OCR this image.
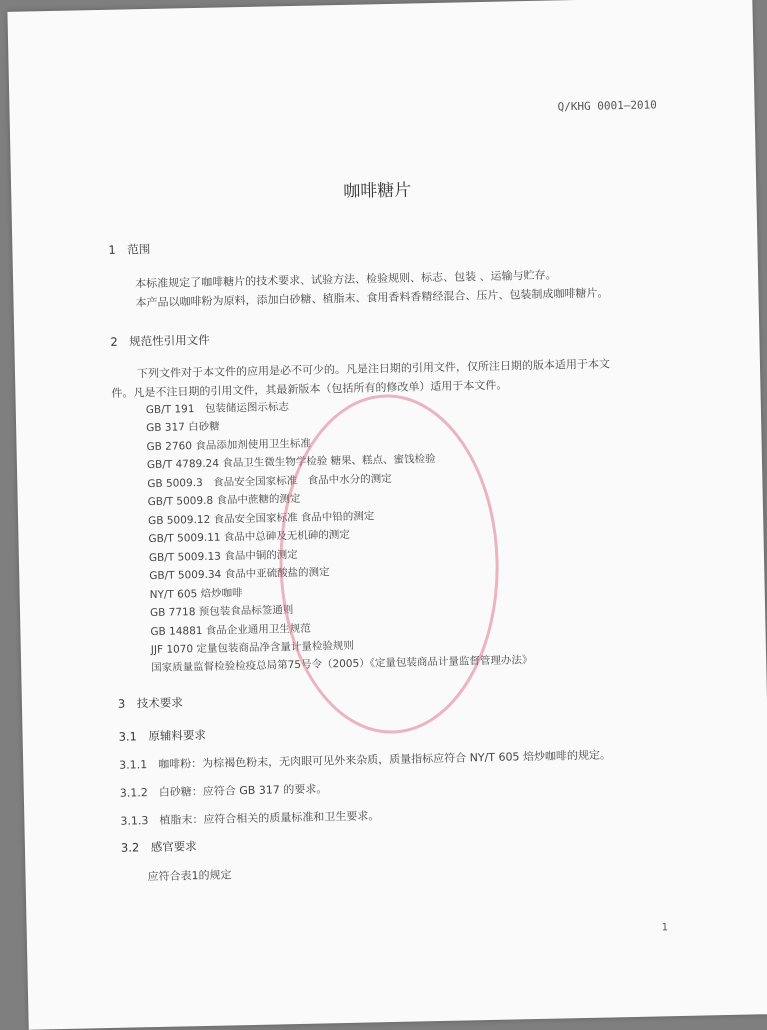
Q/KHG 0001—2010
咖啡糖片
1　范围
本标准规定了咖啡糖片的技术要求、试验方法、检验规则、标志、包装 、运输与贮存。
本产品以咖啡粉为原料，添加白砂糖、植脂末、食用香料香精经混合、压片、包装制成咖啡糖片。
2　规范性引用文件
下列文件对于本文件的应用是必不可少的。凡是注日期的引用文件，仅所注日期的版本适用于本文
件。凡是不注日期的引用文件，其最新版本（包括所有的修改单）适用于本文件。
GB/T 191　包装储运图示标志
GB 317 白砂糖
GB 2760 食品添加剂使用卫生标准
GB/T 4789.24 食品卫生微生物学检验 糖果、糕点、蜜饯检验
GB 5009.3　食品安全国家标准　食品中水分的测定
GB/T 5009.8 食品中蔗糖的测定
GB 5009.12 食品安全国家标准 食品中铅的测定
GB/T 5009.11 食品中总砷及无机砷的测定
GB/T 5009.13 食品中铜的测定
GB/T 5009.34 食品中亚硫酸盐的测定
NY/T 605 焙炒咖啡
GB 7718 预包装食品标签通则
GB 14881 食品企业通用卫生规范
JJF 1070 定量包装商品净含量计量检验规则
国家质量监督检验检疫总局第75号令（2005）《定量包装商品计量监督管理办法》
3　技术要求
3.1　原辅料要求
3.1.1　咖啡粉：为棕褐色粉末，无肉眼可见外来杂质，质量指标应符合 NY/T 605 焙炒咖啡的规定。
3.1.2　白砂糖：应符合 GB 317 的要求。
3.1.3　植脂末：应符合相关的质量标准和卫生要求。
3.2　感官要求
应符合表1的规定
1
